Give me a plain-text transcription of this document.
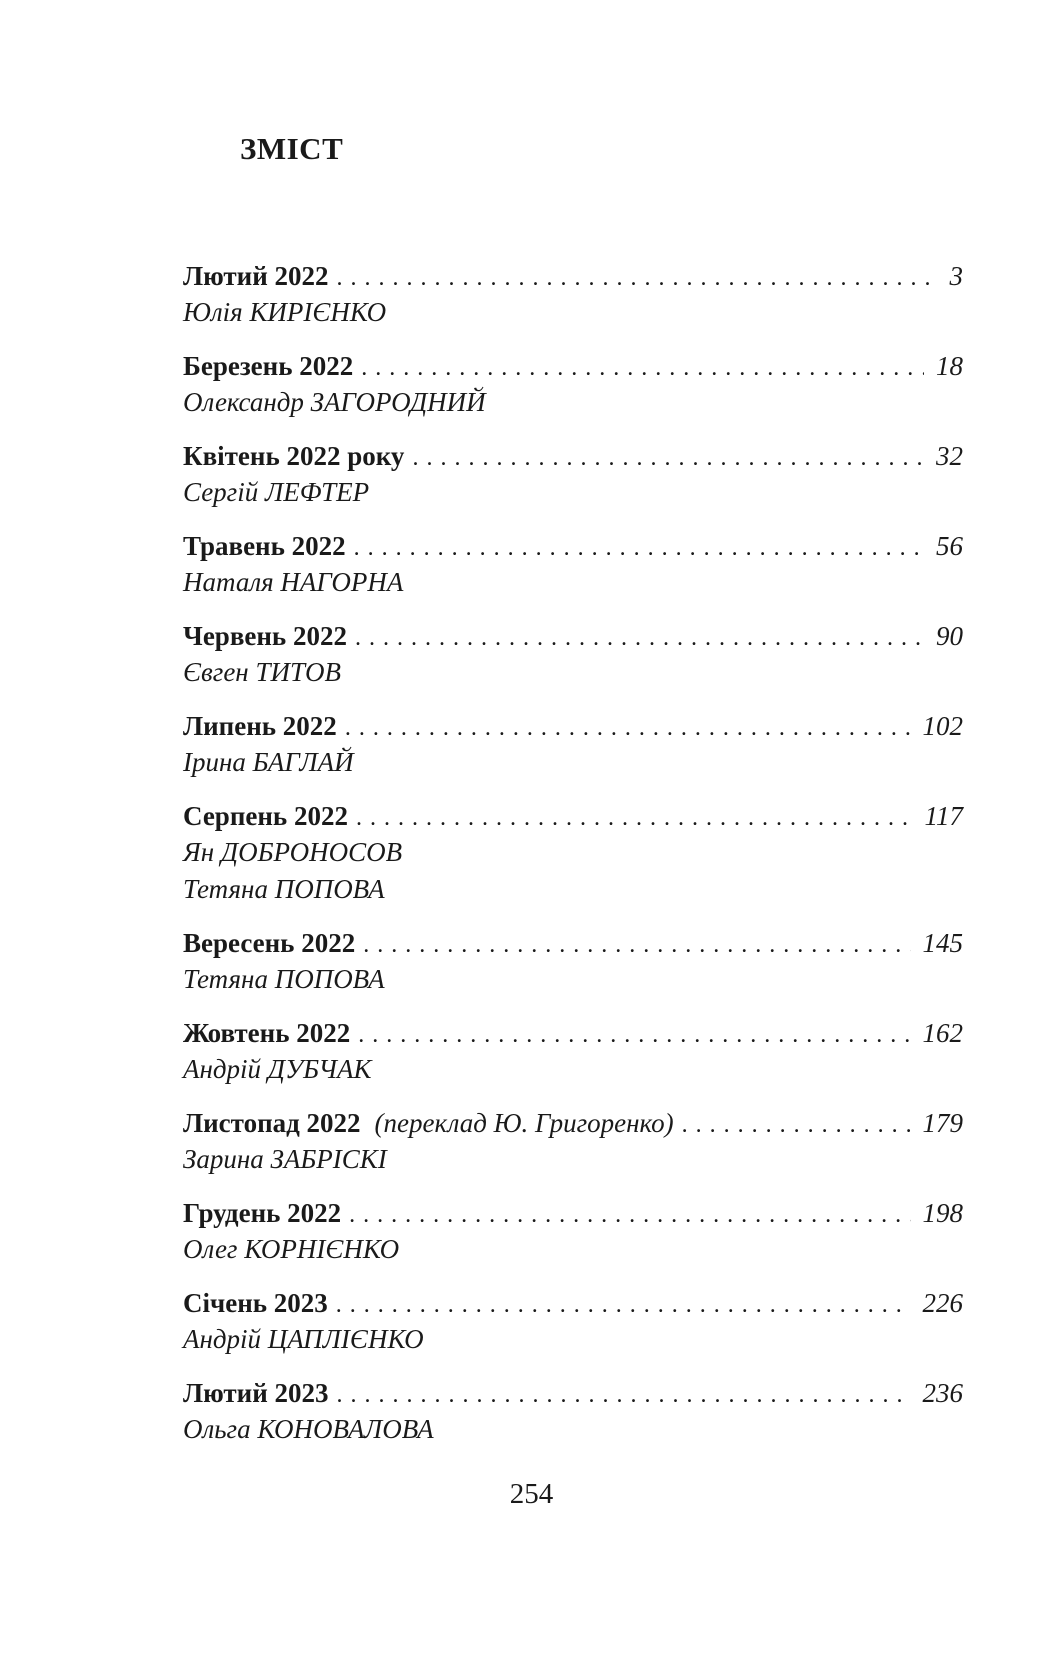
ЗМІСТ
Лютий 2022 . . .	3
Юлія КИРІЄНКО
Березень 2022 . . .	18
Олександр ЗАГОРОДНИЙ
Квітень 2022 року . . .	32
Сергій ЛЕФТЕР
Травень 2022 . . .	56
Наталя НАГОРНА
Червень 2022 . . .	90
Євген ТИТОВ
Липень 2022 . . .	102
Ірина БАГЛАЙ
Серпень 2022 . . .	117
Ян ДОБРОНОСОВ
Тетяна ПОПОВА
Вересень 2022 . . .	145
Тетяна ПОПОВА
Жовтень 2022 . . .	162
Андрій ДУБЧАК
Листопад 2022 (переклад Ю. Григоренко) . . .	179
Зарина ЗАБРІСКІ
Грудень 2022 . . .	198
Олег КОРНІЄНКО
Січень 2023 . . .	226
Андрій ЦАПЛІЄНКО
Лютий 2023 . . .	236
Ольга КОНОВАЛОВА
254
